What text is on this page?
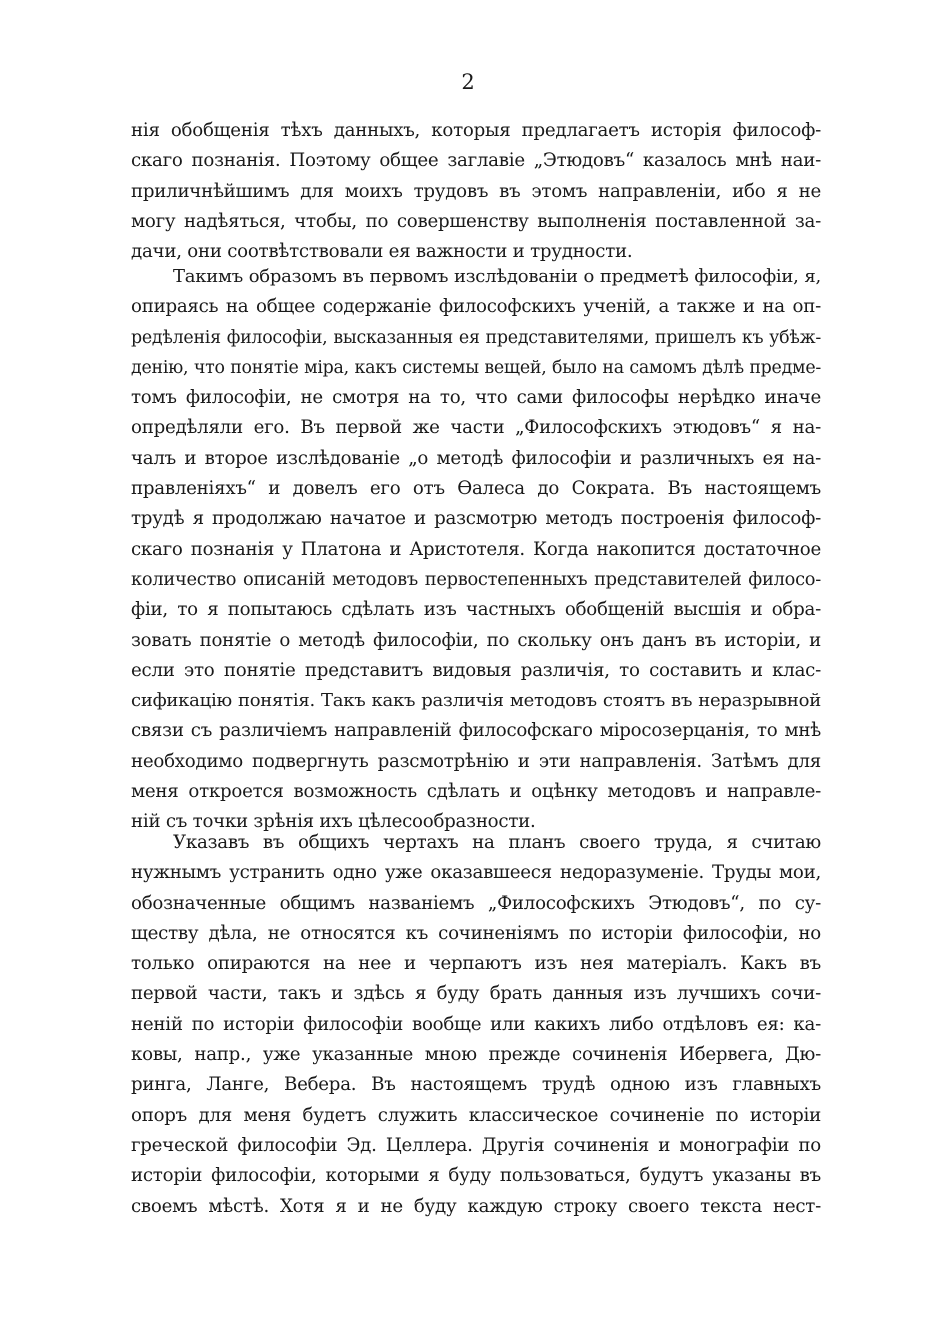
2
нія обобщенія тѣхъ данныхъ, которыя предлагаетъ исторія философ-
скаго познанія. Поэтому общее заглавіе „Этюдовъ“ казалось мнѣ наи-
приличнѣйшимъ для моихъ трудовъ въ этомъ направленіи, ибо я не
могу надѣяться, чтобы, по совершенству выполненія поставленной за-
дачи, они соотвѣтствовали ея важности и трудности.
Такимъ образомъ въ первомъ изслѣдованіи о предметѣ философіи, я,
опираясь на общее содержаніе философскихъ ученій, а также и на оп-
редѣленія философіи, высказанныя ея представителями, пришелъ къ убѣж-
денію, что понятіе міра, какъ системы вещей, было на самомъ дѣлѣ предме-
томъ философіи, не смотря на то, что сами философы нерѣдко иначе
опредѣляли его. Въ первой же части „Философскихъ этюдовъ“ я на-
чалъ и второе изслѣдованіе „о методѣ философіи и различныхъ ея на-
правленіяхъ“ и довелъ его отъ Ѳалеса до Сократа. Въ настоящемъ
трудѣ я продолжаю начатое и разсмотрю методъ построенія философ-
скаго познанія у Платона и Аристотеля. Когда накопится достаточное
количество описаній методовъ первостепенныхъ представителей филосо-
фіи, то я попытаюсь сдѣлать изъ частныхъ обобщеній высшія и обра-
зовать понятіе о методѣ философіи, по скольку онъ данъ въ исторіи, и
если это понятіе представитъ видовыя различія, то составить и клас-
сификацію понятія. Такъ какъ различія методовъ стоятъ въ неразрывной
связи съ различіемъ направленій философскаго міросозерцанія, то мнѣ
необходимо подвергнуть разсмотрѣнію и эти направленія. Затѣмъ для
меня откроется возможность сдѣлать и оцѣнку методовъ и направле-
ній съ точки зрѣнія ихъ цѣлесообразности.
Указавъ въ общихъ чертахъ на планъ своего труда, я считаю
нужнымъ устранить одно уже оказавшееся недоразуменіе. Труды мои,
обозначенные общимъ названіемъ „Философскихъ Этюдовъ“, по су-
ществу дѣла, не относятся къ сочиненіямъ по исторіи философіи, но
только опираются на нее и черпаютъ изъ нея матеріалъ. Какъ въ
первой части, такъ и здѣсь я буду брать данныя изъ лучшихъ сочи-
неній по исторіи философіи вообще или какихъ либо отдѣловъ ея: ка-
ковы, напр., уже указанные мною прежде сочиненія Ибервега, Дю-
ринга, Ланге, Вебера. Въ настоящемъ трудѣ одною изъ главныхъ
опоръ для меня будетъ служить классическое сочиненіе по исторіи
греческой философіи Эд. Целлера. Другія сочиненія и монографіи по
исторіи философіи, которыми я буду пользоваться, будутъ указаны въ
своемъ мѣстѣ. Хотя я и не буду каждую строку своего текста нест-
